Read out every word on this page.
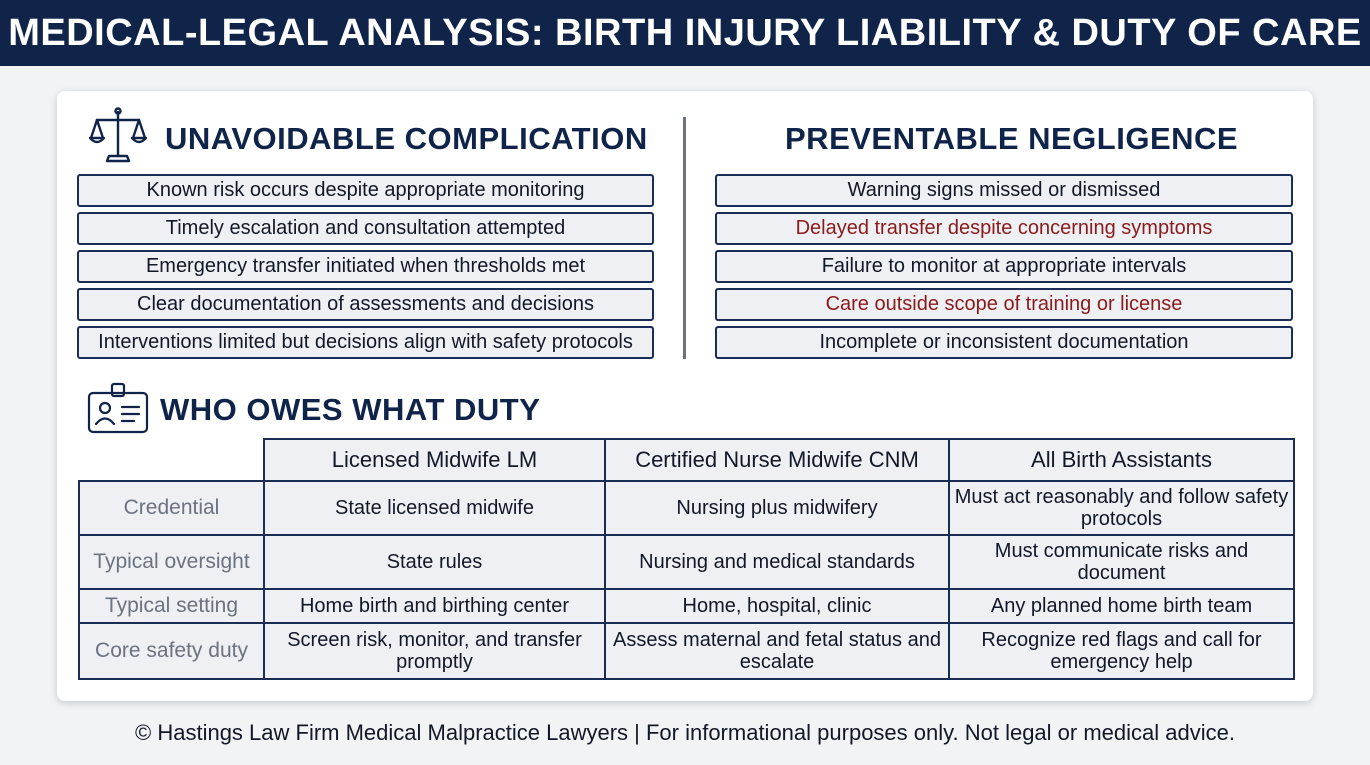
MEDICAL-LEGAL ANALYSIS: BIRTH INJURY LIABILITY & DUTY OF CARE
UNAVOIDABLE COMPLICATION
Known risk occurs despite appropriate monitoring
Timely escalation and consultation attempted
Emergency transfer initiated when thresholds met
Clear documentation of assessments and decisions
Interventions limited but decisions align with safety protocols
PREVENTABLE NEGLIGENCE
Warning signs missed or dismissed
Delayed transfer despite concerning symptoms
Failure to monitor at appropriate intervals
Care outside scope of training or license
Incomplete or inconsistent documentation
WHO OWES WHAT DUTY
	Licensed Midwife LM	Certified Nurse Midwife CNM	All Birth Assistants
Credential	State licensed midwife	Nursing plus midwifery	Must act reasonably and follow safety protocols
Typical oversight	State rules	Nursing and medical standards	Must communicate risks and document
Typical setting	Home birth and birthing center	Home, hospital, clinic	Any planned home birth team
Core safety duty	Screen risk, monitor, and transfer promptly	Assess maternal and fetal status and escalate	Recognize red flags and call for emergency help
© Hastings Law Firm Medical Malpractice Lawyers | For informational purposes only. Not legal or medical advice.
